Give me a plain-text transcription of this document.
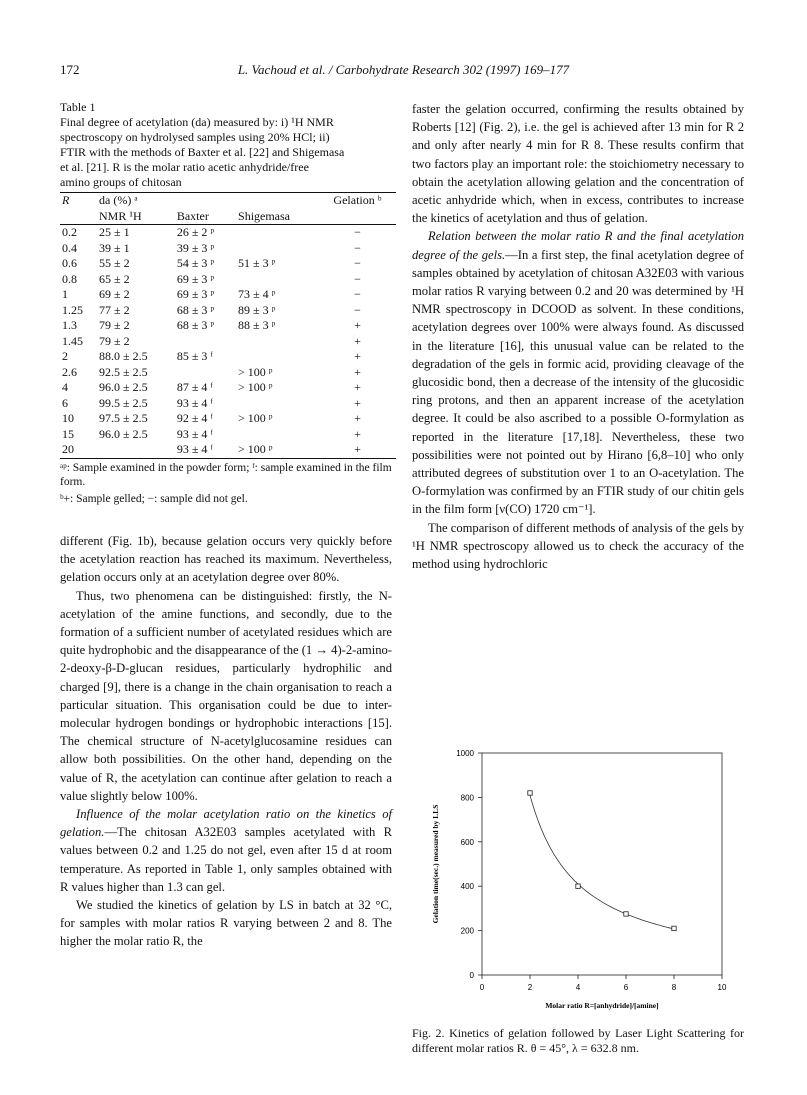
172	L. Vachoud et al. / Carbohydrate Research 302 (1997) 169–177
Table 1
Final degree of acetylation (da) measured by: i) ¹H NMR
spectroscopy on hydrolysed samples using 20% HCl; ii)
FTIR with the methods of Baxter et al. [22] and Shigemasa
et al. [21]. R is the molar ratio acetic anhydride/free
amino groups of chitosan
R	da (%) ᵃ			Gelation ᵇ
	NMR ¹H	Baxter	Shigemasa	
0.2	25 ± 1	26 ± 2 ᵖ		−
0.4	39 ± 1	39 ± 3 ᵖ		−
0.6	55 ± 2	54 ± 3 ᵖ	51 ± 3 ᵖ	−
0.8	65 ± 2	69 ± 3 ᵖ		−
1	69 ± 2	69 ± 3 ᵖ	73 ± 4 ᵖ	−
1.25	77 ± 2	68 ± 3 ᵖ	89 ± 3 ᵖ	−
1.3	79 ± 2	68 ± 3 ᵖ	88 ± 3 ᵖ	+
1.45	79 ± 2			+
2	88.0 ± 2.5	85 ± 3 ᶠ		+
2.6	92.5 ± 2.5		> 100 ᵖ	+
4	96.0 ± 2.5	87 ± 4 ᶠ	> 100 ᵖ	+
6	99.5 ± 2.5	93 ± 4 ᶠ		+
10	97.5 ± 2.5	92 ± 4 ᶠ	> 100 ᵖ	+
15	96.0 ± 2.5	93 ± 4 ᶠ		+
20		93 ± 4 ᶠ	> 100 ᵖ	+
ᵃᵖ: Sample examined in the powder form; ᶠ: sample examined in the film form.
ᵇ+: Sample gelled; −: sample did not gel.

different (Fig. 1b), because gelation occurs very quickly before the acetylation reaction has reached its maximum. Nevertheless, gelation occurs only at an acetylation degree over 80%.

Thus, two phenomena can be distinguished: firstly, the N-acetylation of the amine functions, and secondly, due to the formation of a sufficient number of acetylated residues which are quite hydrophobic and the disappearance of the (1 → 4)-2-amino-2-deoxy-β-D-glucan residues, particularly hydrophilic and charged [9], there is a change in the chain organisation to reach a particular situation. This organisation could be due to inter-molecular hydrogen bondings or hydrophobic interactions [15]. The chemical structure of N-acetylglucosamine residues can allow both possibilities. On the other hand, depending on the value of R, the acetylation can continue after gelation to reach a value slightly below 100%.

Influence of the molar acetylation ratio on the kinetics of gelation.—The chitosan A32E03 samples acetylated with R values between 0.2 and 1.25 do not gel, even after 15 d at room temperature. As reported in Table 1, only samples obtained with R values higher than 1.3 can gel.

We studied the kinetics of gelation by LS in batch at 32 °C, for samples with molar ratios R varying between 2 and 8. The higher the molar ratio R, the

faster the gelation occurred, confirming the results obtained by Roberts [12] (Fig. 2), i.e. the gel is achieved after 13 min for R 2 and only after nearly 4 min for R 8. These results confirm that two factors play an important role: the stoichiometry necessary to obtain the acetylation allowing gelation and the concentration of acetic anhydride which, when in excess, contributes to increase the kinetics of acetylation and thus of gelation.

Relation between the molar ratio R and the final acetylation degree of the gels.—In a first step, the final acetylation degree of samples obtained by acetylation of chitosan A32E03 with various molar ratios R varying between 0.2 and 20 was determined by ¹H NMR spectroscopy in DCOOD as solvent. In these conditions, acetylation degrees over 100% were always found. As discussed in the literature [16], this unusual value can be related to the degradation of the gels in formic acid, providing cleavage of the glucosidic bond, then a decrease of the intensity of the glucosidic ring protons, and then an apparent increase of the acetylation degree. It could be also ascribed to a possible O-formylation as reported in the literature [17,18]. Nevertheless, these two possibilities were not pointed out by Hirano [6,8–10] who only attributed degrees of substitution over 1 to an O-acetylation. The O-formylation was confirmed by an FTIR study of our chitin gels in the film form [ν(CO) 1720 cm⁻¹].

The comparison of different methods of analysis of the gels by ¹H NMR spectroscopy allowed us to check the accuracy of the method using hydrochloric

0	2	4	6	8	10
0
200
400
600
800
1000
Molar ratio R=[anhydride]/[amine]
Gelation time(sec.) measured by LLS
Fig. 2. Kinetics of gelation followed by Laser Light Scattering for different molar ratios R. θ = 45°, λ = 632.8 nm.
